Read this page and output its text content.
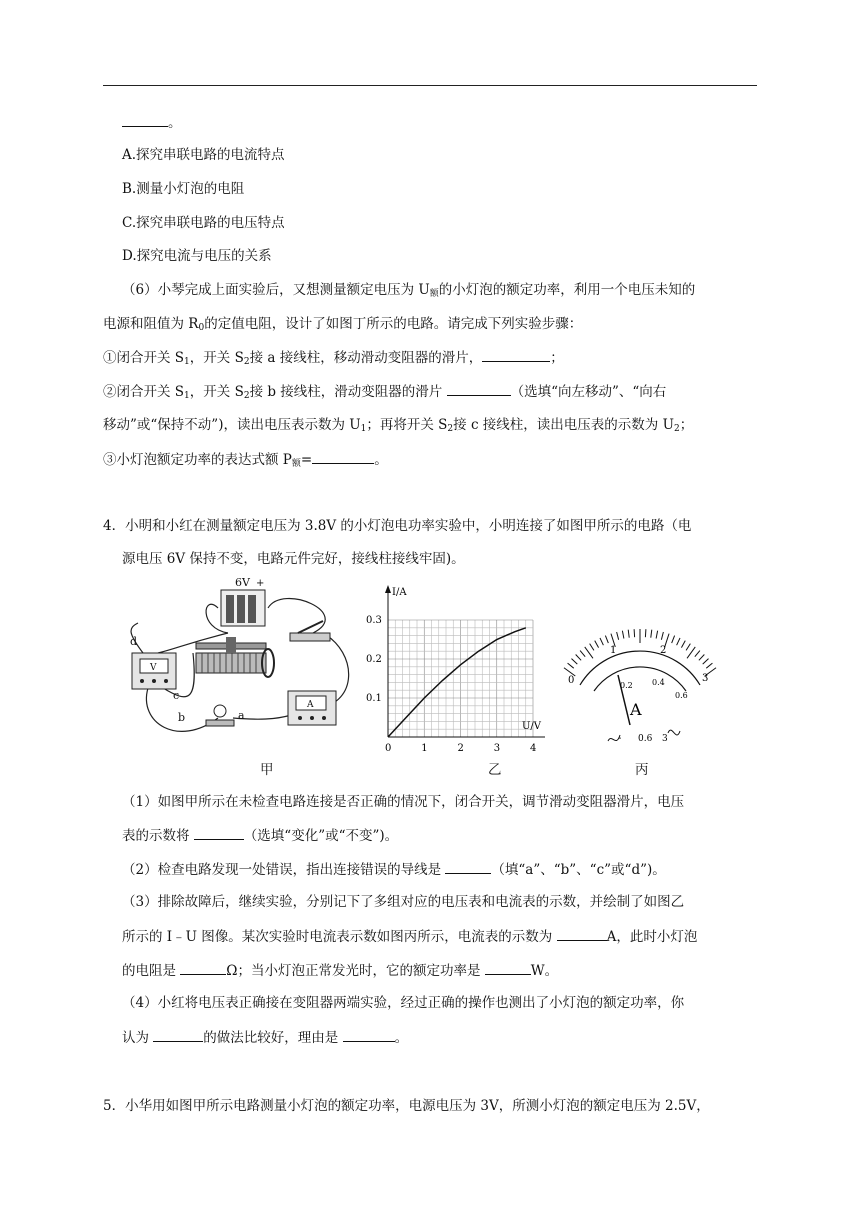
。
A.探究串联电路的电流特点
B.测量小灯泡的电阻
C.探究串联电路的电压特点
D.探究电流与电压的关系
（6）小琴完成上面实验后，又想测量额定电压为 $U_额$的小灯泡的额定功率，利用一个电压未知的
电源和阻值为 $R_0$的定值电阻，设计了如图丁所示的电路。请完成下列实验步骤：
①闭合开关 $S_1$，开关 $S_2$接 a 接线柱，移动滑动变阻器的滑片，	；
②闭合开关 $S_1$，开关 $S_2$接 b 接线柱，滑动变阻器的滑片	（选填“向左移动”、“向右
移动”或“保持不动”)，读出电压表示数为 $U_1$；再将开关 $S_2$接 c 接线柱，读出电压表的示数为 $U_2$；
③小灯泡额定功率的表达式额 $P_额=$	。
4．小明和小红在测量额定电压为 3.8V 的小灯泡电功率实验中，小明连接了如图甲所示的电路（电
源电压 6V 保持不变，电路元件完好，接线柱接线牢固)。
6V +
V
A
d
c
b	a
甲
0	1	2	3	4
0.1
0.2
0.3
I/A
U/V
乙
0
1	2
3
0.2 0.4
0.6
A
- 0.6 3
丙
（1）如图甲所示在未检查电路连接是否正确的情况下，闭合开关，调节滑动变阻器滑片，电压
表的示数将	（选填“变化”或“不变”)。
（2）检查电路发现一处错误，指出连接错误的导线是	（填“a”、“b”、“c”或“d”)。
（3）排除故障后，继续实验，分别记下了多组对应的电压表和电流表的示数，并绘制了如图乙
所示的 I﹣U 图像。某次实验时电流表示数如图丙所示，电流表的示数为	A，此时小灯泡
的电阻是	Ω；当小灯泡正常发光时，它的额定功率是	W。
（4）小红将电压表正确接在变阻器两端实验，经过正确的操作也测出了小灯泡的额定功率，你
认为	的做法比较好，理由是	。
5．小华用如图甲所示电路测量小灯泡的额定功率，电源电压为 3V，所测小灯泡的额定电压为 2.5V，
